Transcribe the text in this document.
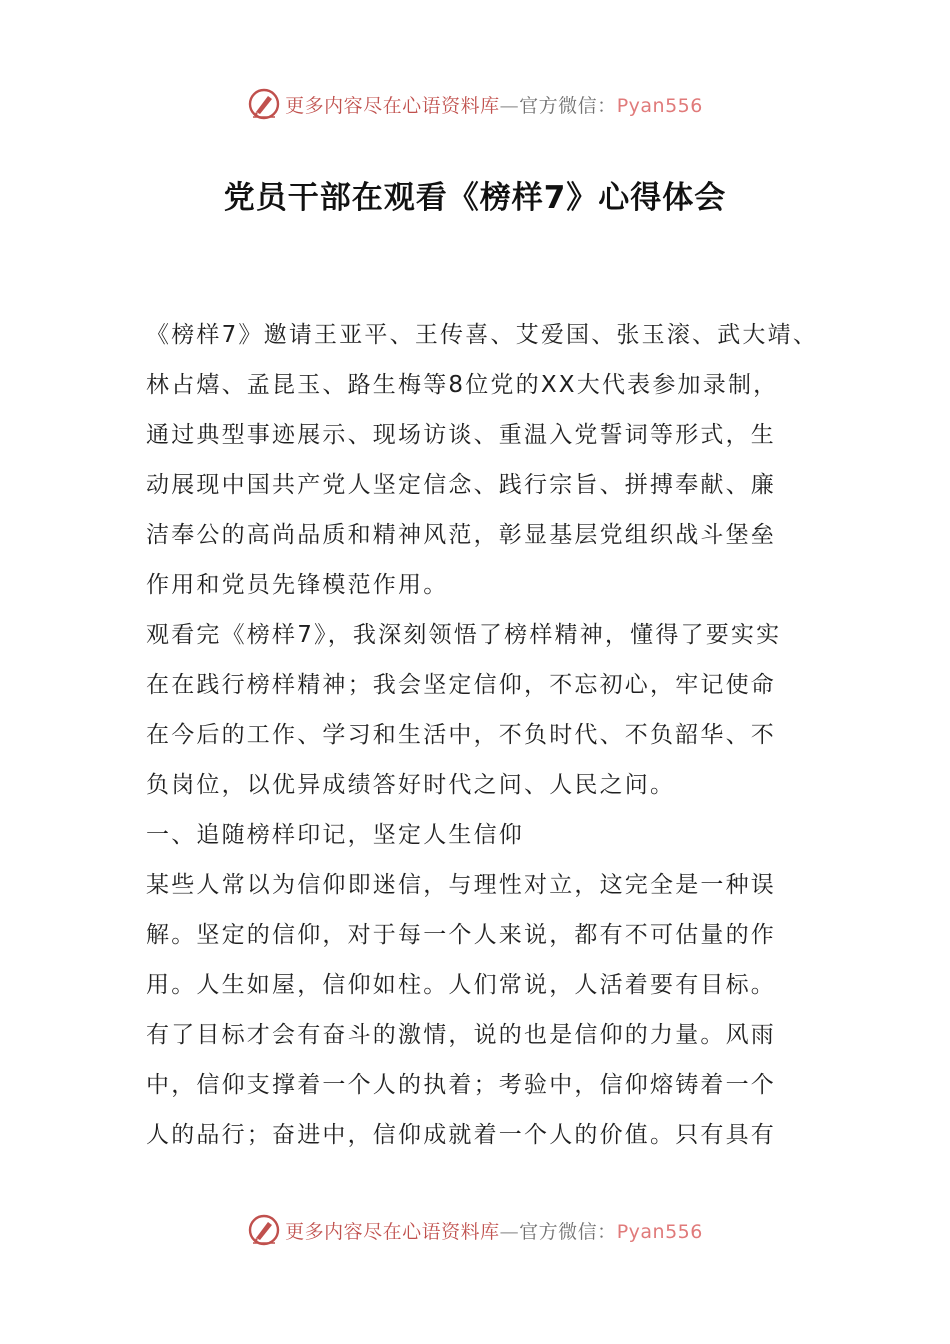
更多内容尽在心语资料库—官方微信：Pyan556
党员干部在观看《榜样7》心得体会
《榜样7》邀请王亚平、王传喜、艾爱国、张玉滚、武大靖、
林占熺、孟昆玉、路生梅等8位党的XX大代表参加录制，
通过典型事迹展示、现场访谈、重温入党誓词等形式，生
动展现中国共产党人坚定信念、践行宗旨、拼搏奉献、廉
洁奉公的高尚品质和精神风范，彰显基层党组织战斗堡垒
作用和党员先锋模范作用。
观看完《榜样7》，我深刻领悟了榜样精神，懂得了要实实
在在践行榜样精神；我会坚定信仰，不忘初心，牢记使命
在今后的工作、学习和生活中，不负时代、不负韶华、不
负岗位，以优异成绩答好时代之问、人民之问。
一、追随榜样印记，坚定人生信仰
某些人常以为信仰即迷信，与理性对立，这完全是一种误
解。坚定的信仰，对于每一个人来说，都有不可估量的作
用。人生如屋，信仰如柱。人们常说，人活着要有目标。
有了目标才会有奋斗的激情，说的也是信仰的力量。风雨
中，信仰支撑着一个人的执着；考验中，信仰熔铸着一个
人的品行；奋进中，信仰成就着一个人的价值。只有具有
更多内容尽在心语资料库—官方微信：Pyan556
